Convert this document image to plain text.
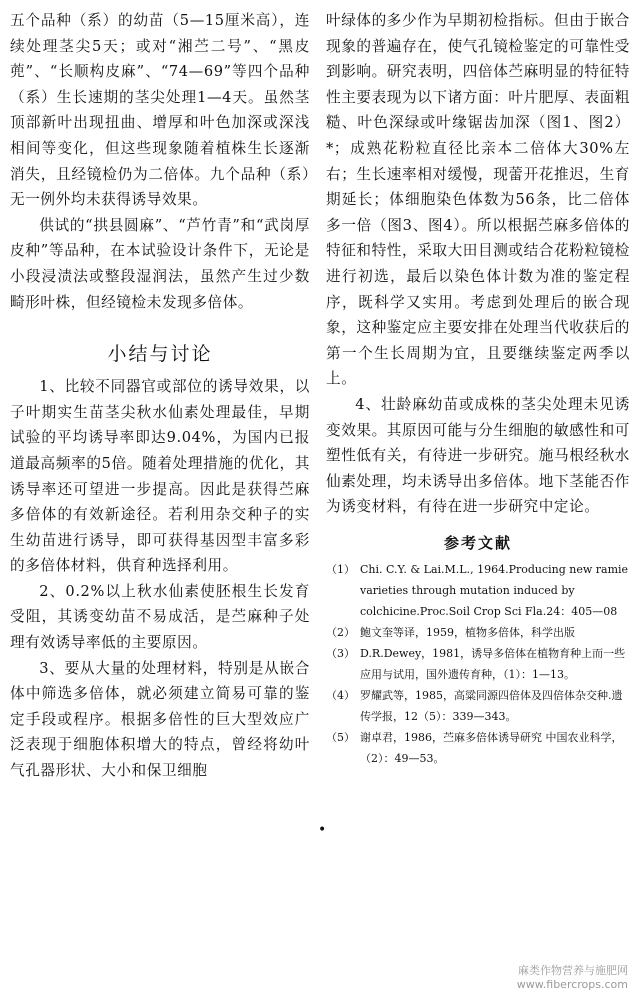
五个品种（系）的幼苗（5—15厘米高），连续处理茎尖5天；或对“湘苎二号”、“黑皮蔸”、“长顺构皮麻”、“74—69”等四个品种（系）生长速期的茎尖处理1—4天。虽然茎顶部新叶出现扭曲、增厚和叶色加深或深浅相间等变化，但这些现象随着植株生长逐渐消失，且经镜检仍为二倍体。九个品种（系）无一例外均未获得诱导效果。

供试的“拱县圆麻”、“芦竹青”和“武岗厚皮种”等品种，在本试验设计条件下，无论是小段浸渍法或整段湿润法，虽然产生过少数畸形叶株，但经镜检未发现多倍体。

小结与讨论

1、比较不同器官或部位的诱导效果，以子叶期实生苗茎尖秋水仙素处理最佳，早期试验的平均诱导率即达9.04%，为国内已报道最高频率的5倍。随着处理措施的优化，其诱导率还可望进一步提高。因此是获得苎麻多倍体的有效新途径。若利用杂交种子的实生幼苗进行诱导，即可获得基因型丰富多彩的多倍体材料，供育种选择利用。

2、0.2%以上秋水仙素使胚根生长发育受阻，其诱变幼苗不易成活，是苎麻种子处理有效诱导率低的主要原因。

3、要从大量的处理材料，特别是从嵌合体中筛选多倍体，就必须建立简易可靠的鉴定手段或程序。根据多倍性的巨大型效应广泛表现于细胞体积增大的特点，曾经将幼叶气孔器形状、大小和保卫细胞

•

叶绿体的多少作为早期初检指标。但由于嵌合现象的普遍存在，使气孔镜检鉴定的可靠性受到影响。研究表明，四倍体苎麻明显的特征特性主要表现为以下诸方面：叶片肥厚、表面粗糙、叶色深绿或叶缘锯齿加深（图1、图2）*；成熟花粉粒直径比亲本二倍体大30%左右；生长速率相对缓慢，现蕾开花推迟，生育期延长；体细胞染色体数为56条，比二倍体多一倍（图3、图4）。所以根据苎麻多倍体的特征和特性，采取大田目测或结合花粉粒镜检进行初选，最后以染色体计数为准的鉴定程序，既科学又实用。考虑到处理后的嵌合现象，这种鉴定应主要安排在处理当代收获后的第一个生长周期为宜，且要继续鉴定两季以上。

4、壮龄麻幼苗或成株的茎尖处理未见诱变效果。其原因可能与分生细胞的敏感性和可塑性低有关，有待进一步研究。施马根经秋水仙素处理，均未诱导出多倍体。地下茎能否作为诱变材料，有待在进一步研究中定论。

参考文献
（1） Chi. C.Y. & Lai.M.L., 1964.Producing new ramie varieties through mutation induced by colchicine.Proc.Soil Crop Sci Fla.24：405—08
（2） 鲍文奎等译，1959，植物多倍体，科学出版
（3） D.R.Dewey，1981，诱导多倍体在植物育种上而一些应用与试用，国外遗传育种，（1）：1—13。
（4） 罗耀武等，1985，高粱同源四倍体及四倍体杂交种.遗传学报，12（5）：339—343。
（5） 谢卓君，1986，苎麻多倍体诱导研究 中国农业科学，（2）：49—53。
麻类作物营养与施肥网
www.fibercrops.com
